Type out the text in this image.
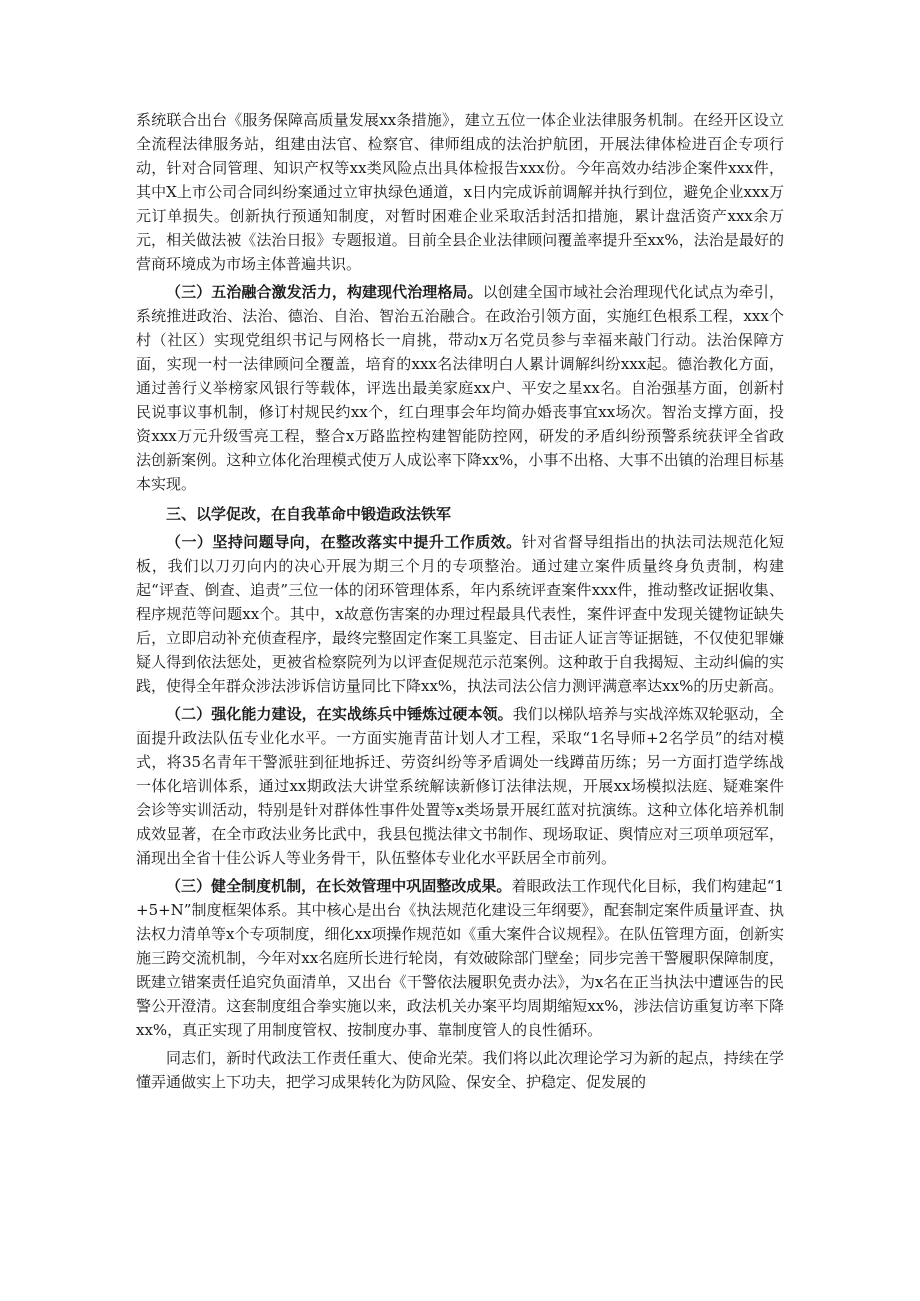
系统联合出台《服务保障高质量发展xx条措施》，建立五位一体企业法律服务机制。在经开区设立全流程法律服务站，组建由法官、检察官、律师组成的法治护航团，开展法律体检进百企专项行动，针对合同管理、知识产权等xx类风险点出具体检报告xxx份。今年高效办结涉企案件xxx件，其中X上市公司合同纠纷案通过立审执绿色通道，x日内完成诉前调解并执行到位，避免企业xxx万元订单损失。创新执行预通知制度，对暂时困难企业采取活封活扣措施，累计盘活资产xxx余万元，相关做法被《法治日报》专题报道。目前全县企业法律顾问覆盖率提升至xx%，法治是最好的营商环境成为市场主体普遍共识。

（三）五治融合激发活力，构建现代治理格局。以创建全国市域社会治理现代化试点为牵引，系统推进政治、法治、德治、自治、智治五治融合。在政治引领方面，实施红色根系工程，xxx个村（社区）实现党组织书记与网格长一肩挑，带动x万名党员参与幸福来敲门行动。法治保障方面，实现一村一法律顾问全覆盖，培育的xxx名法律明白人累计调解纠纷xxx起。德治教化方面，通过善行义举榜家风银行等载体，评选出最美家庭xx户、平安之星xx名。自治强基方面，创新村民说事议事机制，修订村规民约xx个，红白理事会年均简办婚丧事宜xx场次。智治支撑方面，投资xxx万元升级雪亮工程，整合x万路监控构建智能防控网，研发的矛盾纠纷预警系统获评全省政法创新案例。这种立体化治理模式使万人成讼率下降xx%，小事不出格、大事不出镇的治理目标基本实现。

三、以学促改，在自我革命中锻造政法铁军

（一）坚持问题导向，在整改落实中提升工作质效。针对省督导组指出的执法司法规范化短板，我们以刀刃向内的决心开展为期三个月的专项整治。通过建立案件质量终身负责制，构建起“评查、倒查、追责”三位一体的闭环管理体系，年内系统评查案件xxx件，推动整改证据收集、程序规范等问题xx个。其中，x故意伤害案的办理过程最具代表性，案件评查中发现关键物证缺失后，立即启动补充侦查程序，最终完整固定作案工具鉴定、目击证人证言等证据链，不仅使犯罪嫌疑人得到依法惩处，更被省检察院列为以评查促规范示范案例。这种敢于自我揭短、主动纠偏的实践，使得全年群众涉法涉诉信访量同比下降xx%，执法司法公信力测评满意率达xx%的历史新高。

（二）强化能力建设，在实战练兵中锤炼过硬本领。我们以梯队培养与实战淬炼双轮驱动，全面提升政法队伍专业化水平。一方面实施青苗计划人才工程，采取“1名导师+2名学员”的结对模式，将35名青年干警派驻到征地拆迁、劳资纠纷等矛盾调处一线蹲苗历练；另一方面打造学练战一体化培训体系，通过xx期政法大讲堂系统解读新修订法律法规，开展xx场模拟法庭、疑难案件会诊等实训活动，特别是针对群体性事件处置等x类场景开展红蓝对抗演练。这种立体化培养机制成效显著，在全市政法业务比武中，我县包揽法律文书制作、现场取证、舆情应对三项单项冠军，涌现出全省十佳公诉人等业务骨干，队伍整体专业化水平跃居全市前列。

（三）健全制度机制，在长效管理中巩固整改成果。着眼政法工作现代化目标，我们构建起“1+5+N”制度框架体系。其中核心是出台《执法规范化建设三年纲要》，配套制定案件质量评查、执法权力清单等x个专项制度，细化xx项操作规范如《重大案件合议规程》。在队伍管理方面，创新实施三跨交流机制，今年对xx名庭所长进行轮岗，有效破除部门壁垒；同步完善干警履职保障制度，既建立错案责任追究负面清单，又出台《干警依法履职免责办法》，为x名在正当执法中遭诬告的民警公开澄清。这套制度组合拳实施以来，政法机关办案平均周期缩短xx%，涉法信访重复访率下降xx%，真正实现了用制度管权、按制度办事、靠制度管人的良性循环。

同志们，新时代政法工作责任重大、使命光荣。我们将以此次理论学习为新的起点，持续在学懂弄通做实上下功夫，把学习成果转化为防风险、保安全、护稳定、促发展的
